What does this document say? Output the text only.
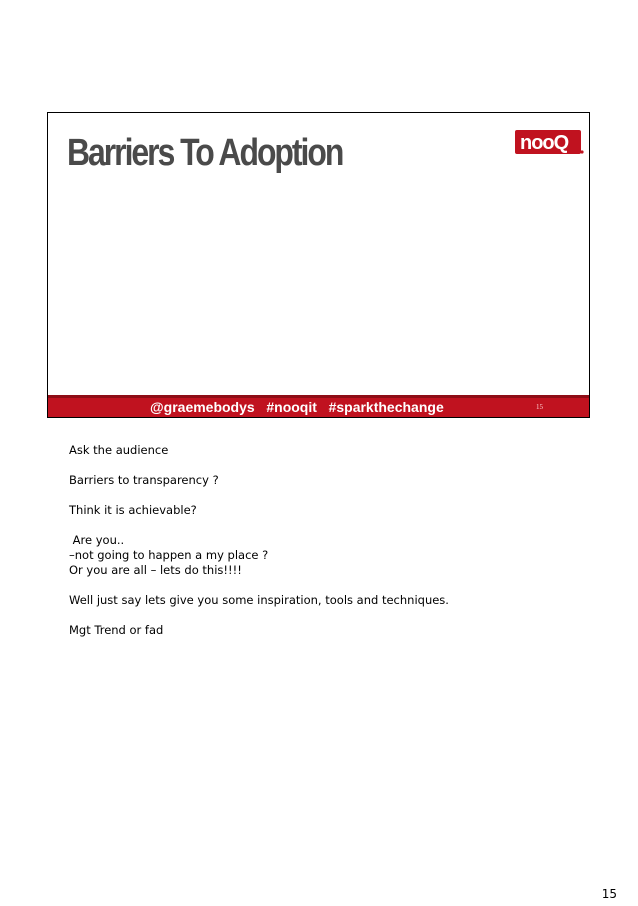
Barriers To Adoption	nooQ
@graemebodys   #nooqit   #sparkthechange	15

Ask the audience

Barriers to transparency ?

Think it is achievable?

Are you..

–not going to happen a my place ?

Or you are all – lets do this!!!!

Well just say lets give you some inspiration, tools and techniques.

Mgt Trend or fad

15
